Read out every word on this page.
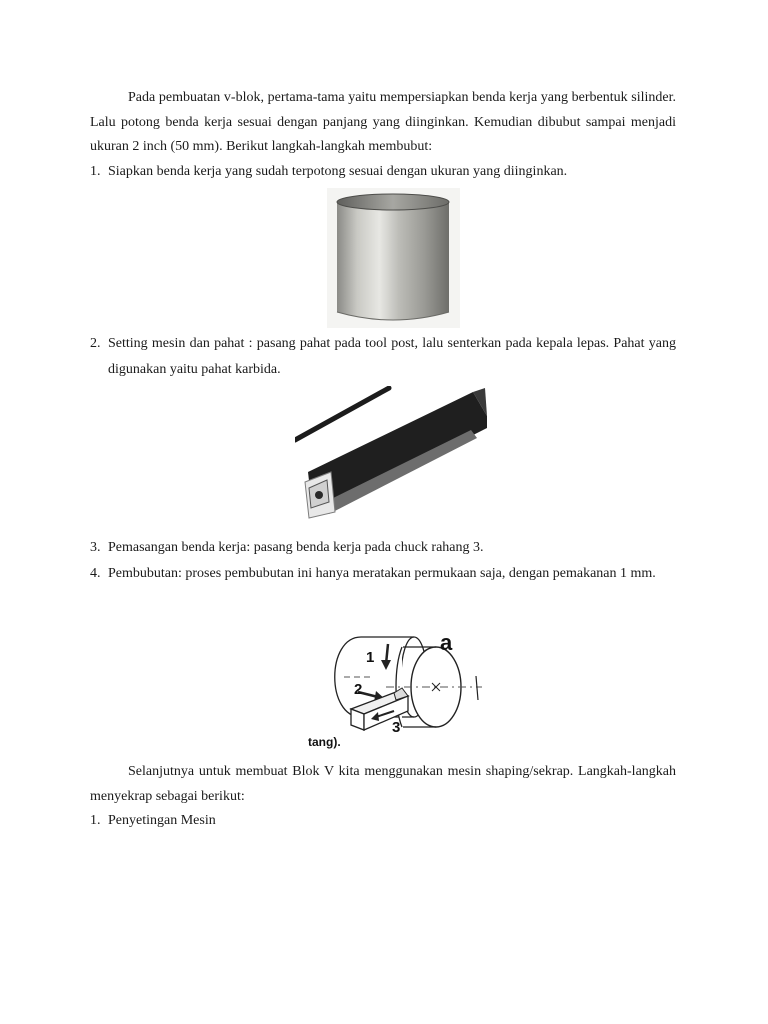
Pada pembuatan v-blok, pertama-tama yaitu mempersiapkan benda kerja yang berbentuk silinder. Lalu potong benda kerja sesuai dengan panjang yang diinginkan. Kemudian dibubut sampai menjadi ukuran 2 inch (50 mm). Berikut langkah-langkah membubut:

1. Siapkan benda kerja yang sudah terpotong sesuai dengan ukuran yang diinginkan.
2. Setting mesin dan pahat : pasang pahat pada tool post, lalu senterkan pada kepala lepas. Pahat yang digunakan yaitu pahat karbida.
3. Pemasangan benda kerja: pasang benda kerja pada chuck rahang 3.
4. Pembubutan: proses pembubutan ini hanya meratakan permukaan saja, dengan pemakanan 1 mm.
1
a
2
3
tang).

Selanjutnya untuk membuat Blok V kita menggunakan mesin shaping/sekrap. Langkah-langkah menyekrap sebagai berikut:

1. Penyetingan Mesin
